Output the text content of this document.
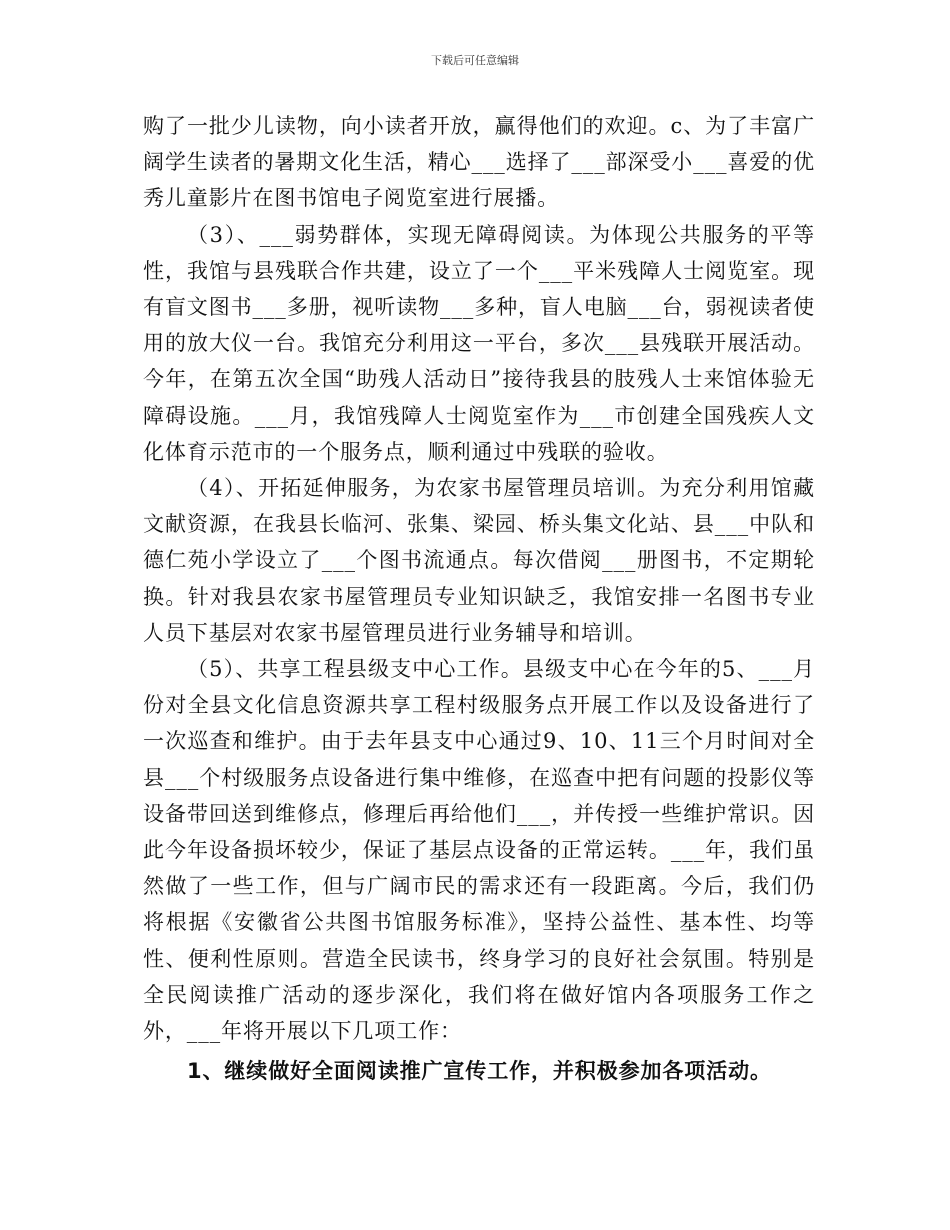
下载后可任意编辑

购了一批少儿读物，向小读者开放，赢得他们的欢迎。c、为了丰富广阔学生读者的暑期文化生活，精心___选择了___部深受小___喜爱的优秀儿童影片在图书馆电子阅览室进行展播。

（3）、___弱势群体，实现无障碍阅读。为体现公共服务的平等性，我馆与县残联合作共建，设立了一个___平米残障人士阅览室。现有盲文图书___多册，视听读物___多种，盲人电脑___台，弱视读者使用的放大仪一台。我馆充分利用这一平台，多次___县残联开展活动。今年，在第五次全国“助残人活动日”接待我县的肢残人士来馆体验无障碍设施。___月，我馆残障人士阅览室作为___市创建全国残疾人文化体育示范市的一个服务点，顺利通过中残联的验收。

（4）、开拓延伸服务，为农家书屋管理员培训。为充分利用馆藏文献资源，在我县长临河、张集、梁园、桥头集文化站、县___中队和德仁苑小学设立了___个图书流通点。每次借阅___册图书，不定期轮换。针对我县农家书屋管理员专业知识缺乏，我馆安排一名图书专业人员下基层对农家书屋管理员进行业务辅导和培训。

（5）、共享工程县级支中心工作。县级支中心在今年的5、___月份对全县文化信息资源共享工程村级服务点开展工作以及设备进行了一次巡查和维护。由于去年县支中心通过9、10、11三个月时间对全县___个村级服务点设备进行集中维修，在巡查中把有问题的投影仪等设备带回送到维修点，修理后再给他们___，并传授一些维护常识。因此今年设备损坏较少，保证了基层点设备的正常运转。___年，我们虽然做了一些工作，但与广阔市民的需求还有一段距离。今后，我们仍将根据《安徽省公共图书馆服务标准》，坚持公益性、基本性、均等性、便利性原则。营造全民读书，终身学习的良好社会氛围。特别是全民阅读推广活动的逐步深化，我们将在做好馆内各项服务工作之外，___年将开展以下几项工作：

1、继续做好全面阅读推广宣传工作，并积极参加各项活动。
